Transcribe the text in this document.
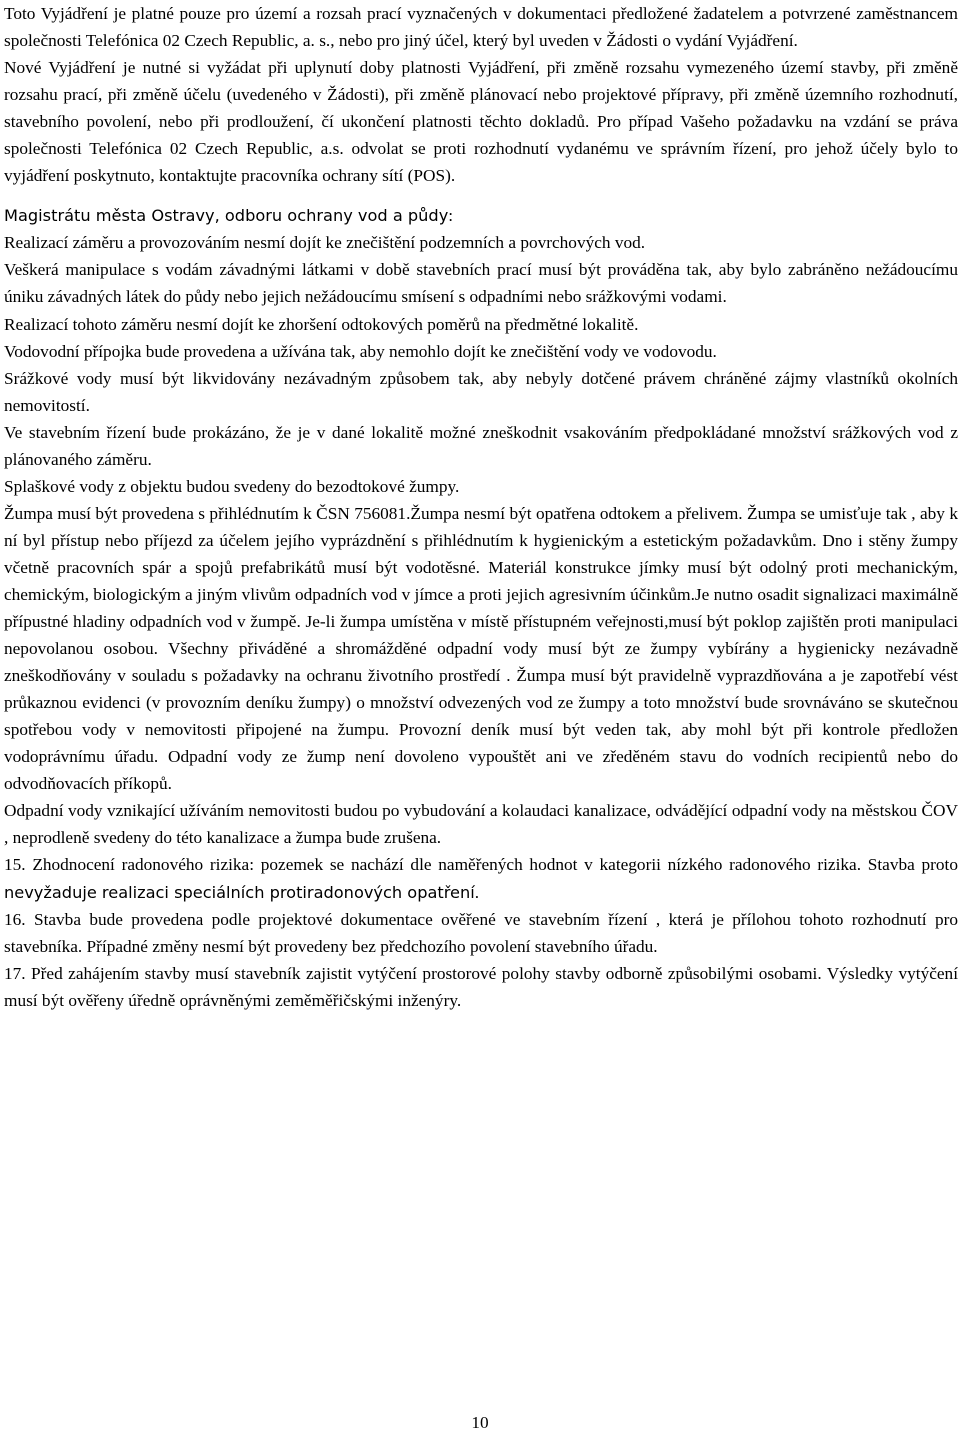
Toto Vyjádření je platné pouze pro území a rozsah prací vyznačených v dokumentaci předložené žadatelem a potvrzené zaměstnancem společnosti Telefónica 02 Czech Republic, a. s., nebo pro jiný účel, který byl uveden v Žádosti o vydání Vyjádření.

Nové Vyjádření je nutné si vyžádat při uplynutí doby platnosti Vyjádření, při změně rozsahu vymezeného území stavby, při změně rozsahu prací, při změně účelu (uvedeného v Žádosti), při změně plánovací nebo projektové přípravy, při změně územního rozhodnutí, stavebního povolení, nebo při prodloužení, čí ukončení platnosti těchto dokladů. Pro případ Vašeho požadavku na vzdání se práva společnosti Telefónica 02 Czech Republic, a.s. odvolat se proti rozhodnutí vydanému ve správním řízení, pro jehož účely bylo to vyjádření poskytnuto, kontaktujte pracovníka ochrany sítí (POS).

Magistrátu města Ostravy, odboru ochrany vod a půdy:

Realizací záměru a provozováním nesmí dojít ke znečištění podzemních a povrchových vod.

Veškerá manipulace s vodám závadnými látkami v době stavebních prací musí být prováděna tak, aby bylo zabráněno nežádoucímu úniku závadných látek do půdy nebo jejich nežádoucímu smísení s odpadními nebo srážkovými vodami.

Realizací tohoto záměru nesmí dojít ke zhoršení odtokových poměrů na předmětné lokalitě.

Vodovodní přípojka bude provedena a užívána tak, aby nemohlo dojít ke znečištění vody ve vodovodu.

Srážkové vody musí být likvidovány nezávadným způsobem tak, aby nebyly dotčené právem chráněné zájmy vlastníků okolních nemovitostí.

Ve stavebním řízení bude prokázáno, že je v dané lokalitě možné zneškodnit vsakováním předpokládané množství srážkových vod z plánovaného záměru.

Splaškové vody z objektu budou svedeny do bezodtokové žumpy.

Žumpa musí být provedena s přihlédnutím k ČSN 756081.Žumpa nesmí být opatřena odtokem a přelivem. Žumpa se umisťuje tak , aby k ní byl přístup nebo příjezd za účelem jejího vyprázdnění s přihlédnutím k hygienickým a estetickým požadavkům. Dno i stěny žumpy včetně pracovních spár a spojů prefabrikátů musí být vodotěsné. Materiál konstrukce jímky musí být odolný proti mechanickým, chemickým, biologickým a jiným vlivům odpadních vod v jímce a proti jejich agresivním účinkům.Je nutno osadit signalizaci maximálně přípustné hladiny odpadních vod v žumpě. Je-li žumpa umístěna v místě přístupném veřejnosti,musí být poklop zajištěn proti manipulaci nepovolanou osobou. Všechny přiváděné a shromážděné odpadní vody musí být ze žumpy vybírány a hygienicky nezávadně zneškodňovány v souladu s požadavky na ochranu životního prostředí . Žumpa musí být pravidelně vyprazdňována a je zapotřebí vést průkaznou evidenci (v provozním deníku žumpy) o množství odvezených vod ze žumpy a toto množství bude srovnáváno se skutečnou spotřebou vody v nemovitosti připojené na žumpu. Provozní deník musí být veden tak, aby mohl být při kontrole předložen vodoprávnímu úřadu. Odpadní vody ze žump není dovoleno vypouštět ani ve zředěném stavu do vodních recipientů nebo do odvodňovacích příkopů.

Odpadní vody vznikající užíváním nemovitosti budou po vybudování a kolaudaci kanalizace, odvádějící odpadní vody na městskou ČOV , neprodleně svedeny do této kanalizace a žumpa bude zrušena.

15. Zhodnocení radonového rizika: pozemek se nachází dle naměřených hodnot v kategorii nízkého radonového rizika. Stavba proto nevyžaduje realizaci speciálních protiradonových opatření.

16. Stavba bude provedena podle projektové dokumentace ověřené ve stavebním řízení , která je přílohou tohoto rozhodnutí pro stavebníka. Případné změny nesmí být provedeny bez předchozího povolení stavebního úřadu.

17. Před zahájením stavby musí stavebník zajistit vytýčení prostorové polohy stavby odborně způsobilými osobami. Výsledky vytýčení musí být ověřeny úředně oprávněnými zeměměřičskými inženýry.

10
